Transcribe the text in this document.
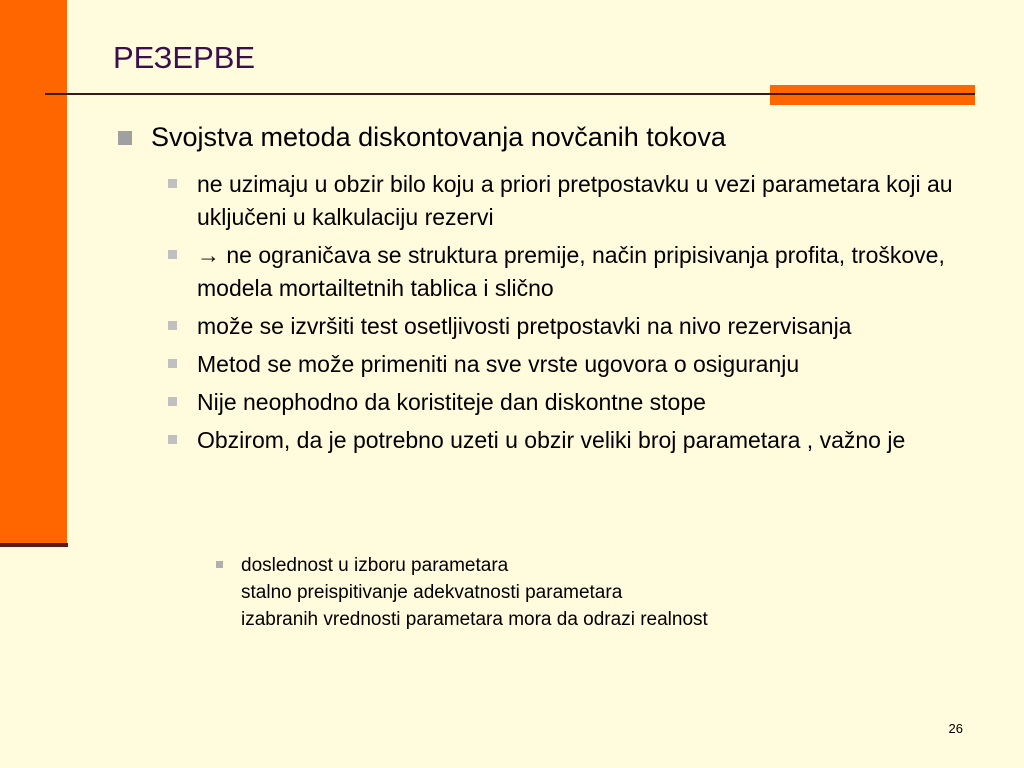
РЕЗЕРВЕ
Svojstva metoda diskontovanja novčanih tokova
ne uzimaju u obzir bilo koju a priori pretpostavku u vezi parametara koji au uključeni u kalkulaciju rezervi
→ ne ograničava se struktura premije, način pripisivanja profita, troškove, modela mortailtetnih tablica i slično
može se izvršiti test osetljivosti pretpostavki na nivo rezervisanja
Metod se može primeniti na sve vrste ugovora o osiguranju
Nije neophodno da koristiteje dan diskontne stope
Obzirom, da je potrebno uzeti u obzir veliki broj parametara , važno je
doslednost u izboru parametara
stalno preispitivanje adekvatnosti parametara
izabranih vrednosti parametara mora da odrazi realnost
26
